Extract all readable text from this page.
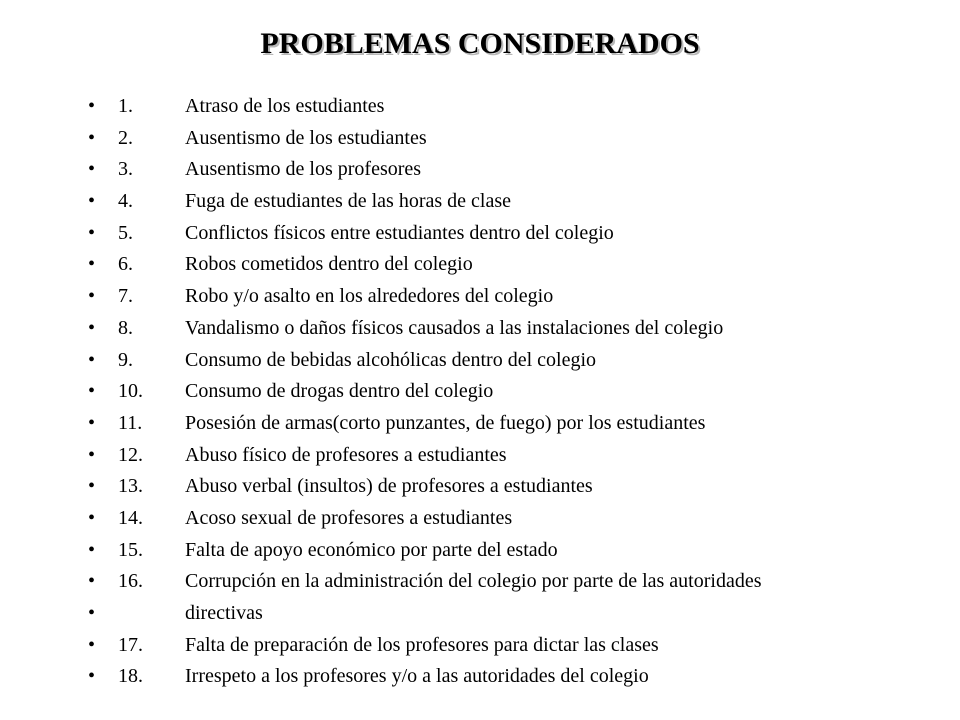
PROBLEMAS CONSIDERADOS
•	1.	Atraso de los estudiantes
•	2.	Ausentismo de los estudiantes
•	3.	Ausentismo de los profesores
•	4.	Fuga de estudiantes de las horas de clase
•	5.	Conflictos físicos entre estudiantes dentro del colegio
•	6.	Robos cometidos dentro del colegio
•	7.	Robo y/o asalto en los alrededores del colegio
•	8.	Vandalismo o daños físicos causados a las instalaciones del colegio
•	9.	Consumo de bebidas alcohólicas dentro del colegio
•	10.	Consumo de drogas dentro del colegio
•	11.	Posesión de armas(corto punzantes, de fuego) por los estudiantes
•	12.	Abuso físico de profesores a estudiantes
•	13.	Abuso verbal (insultos) de profesores a estudiantes
•	14.	Acoso sexual de profesores a estudiantes
•	15.	Falta de apoyo económico por parte del estado
•	16.	Corrupción en la administración del colegio por parte de las autoridades
•	directivas
•	17.	Falta de preparación de los profesores para dictar las clases
•	18.	Irrespeto a los profesores y/o a las autoridades del colegio
